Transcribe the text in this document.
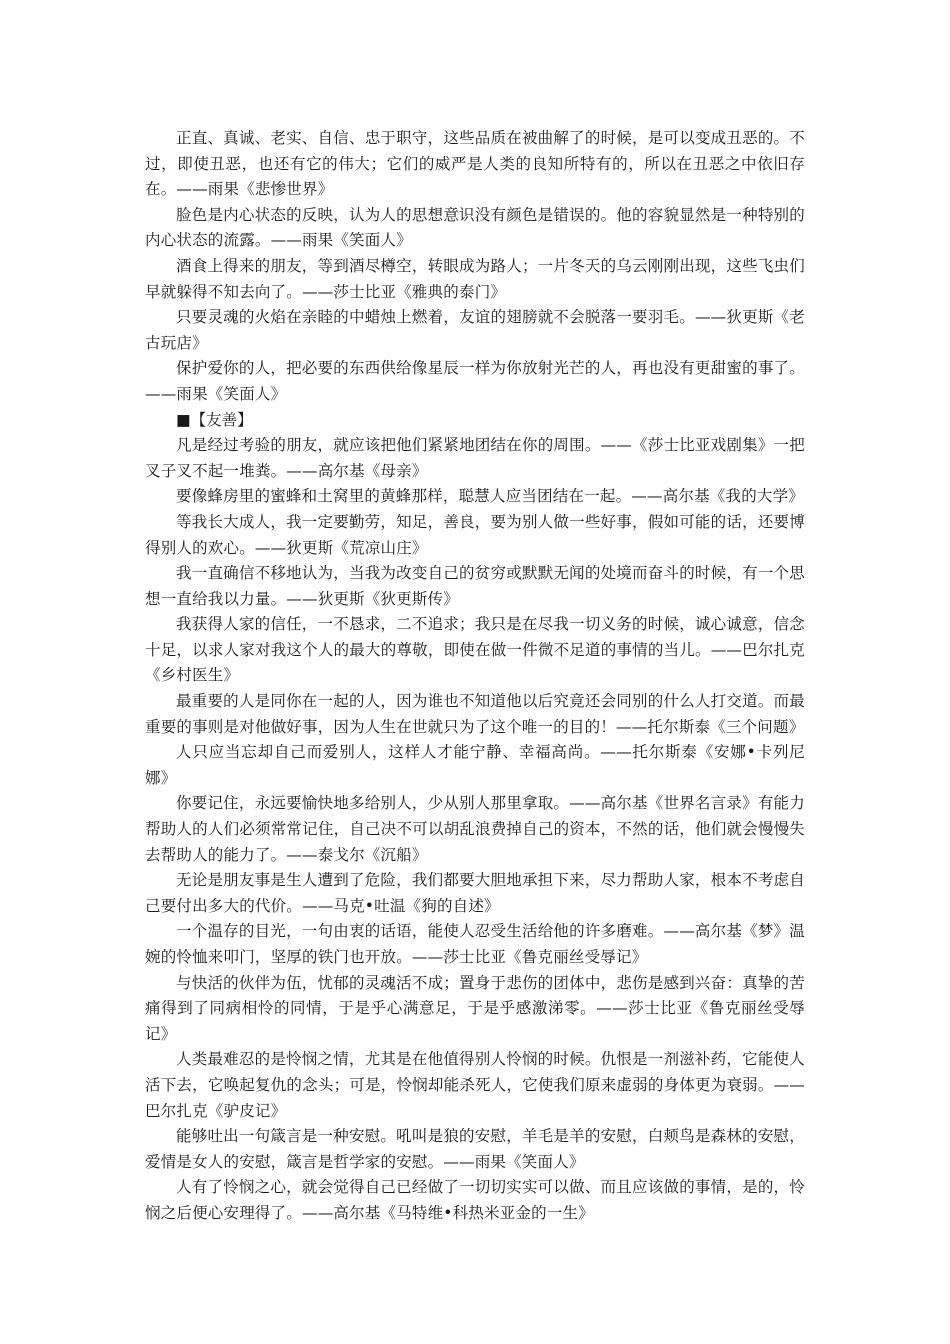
正直、真诚、老实、自信、忠于职守，这些品质在被曲解了的时候，是可以变成丑恶的。不过，即使丑恶，也还有它的伟大；它们的威严是人类的良知所特有的，所以在丑恶之中依旧存在。——雨果《悲惨世界》

脸色是内心状态的反映，认为人的思想意识没有颜色是错误的。他的容貌显然是一种特别的内心状态的流露。——雨果《笑面人》

酒食上得来的朋友，等到酒尽樽空，转眼成为路人；一片冬天的乌云刚刚出现，这些飞虫们早就躲得不知去向了。——莎士比亚《雅典的泰门》

只要灵魂的火焰在亲睦的中蜡烛上燃着，友谊的翅膀就不会脱落一要羽毛。——狄更斯《老古玩店》

保护爱你的人，把必要的东西供给像星辰一样为你放射光芒的人，再也没有更甜蜜的事了。——雨果《笑面人》

■【友善】

凡是经过考验的朋友，就应该把他们紧紧地团结在你的周围。——《莎士比亚戏剧集》一把叉子叉不起一堆粪。——高尔基《母亲》

要像蜂房里的蜜蜂和土窝里的黄蜂那样，聪慧人应当团结在一起。——高尔基《我的大学》

等我长大成人，我一定要勤劳，知足，善良，要为别人做一些好事，假如可能的话，还要博得别人的欢心。——狄更斯《荒凉山庄》

我一直确信不移地认为，当我为改变自己的贫穷或默默无闻的处境而奋斗的时候，有一个思想一直给我以力量。——狄更斯《狄更斯传》

我获得人家的信任，一不恳求，二不追求；我只是在尽我一切义务的时候，诚心诚意，信念十足，以求人家对我这个人的最大的尊敬，即使在做一件微不足道的事情的当儿。——巴尔扎克《乡村医生》

最重要的人是同你在一起的人，因为谁也不知道他以后究竟还会同别的什么人打交道。而最重要的事则是对他做好事，因为人生在世就只为了这个唯一的目的！——托尔斯泰《三个问题》

人只应当忘却自己而爱别人，这样人才能宁静、幸福高尚。——托尔斯泰《安娜•卡列尼娜》

你要记住，永远要愉快地多给别人，少从别人那里拿取。——高尔基《世界名言录》有能力帮助人的人们必须常常记住，自己决不可以胡乱浪费掉自己的资本，不然的话，他们就会慢慢失去帮助人的能力了。——泰戈尔《沉船》

无论是朋友事是生人遭到了危险，我们都要大胆地承担下来，尽力帮助人家，根本不考虑自己要付出多大的代价。——马克•吐温《狗的自述》

一个温存的目光，一句由衷的话语，能使人忍受生活给他的许多磨难。——高尔基《梦》温婉的怜恤来叩门，坚厚的铁门也开放。——莎士比亚《鲁克丽丝受辱记》

与快活的伙伴为伍，忧郁的灵魂活不成；置身于悲伤的团体中，悲伤是感到兴奋：真挚的苦痛得到了同病相怜的同情，于是乎心满意足，于是乎感激涕零。——莎士比亚《鲁克丽丝受辱记》

人类最难忍的是怜悯之情，尤其是在他值得别人怜悯的时候。仇恨是一剂滋补药，它能使人活下去，它唤起复仇的念头；可是，怜悯却能杀死人，它使我们原来虚弱的身体更为衰弱。——巴尔扎克《驴皮记》

能够吐出一句箴言是一种安慰。吼叫是狼的安慰，羊毛是羊的安慰，白颊鸟是森林的安慰，爱情是女人的安慰，箴言是哲学家的安慰。——雨果《笑面人》

人有了怜悯之心，就会觉得自己已经做了一切切实实可以做、而且应该做的事情，是的，怜悯之后便心安理得了。——高尔基《马特维•科热米亚金的一生》
